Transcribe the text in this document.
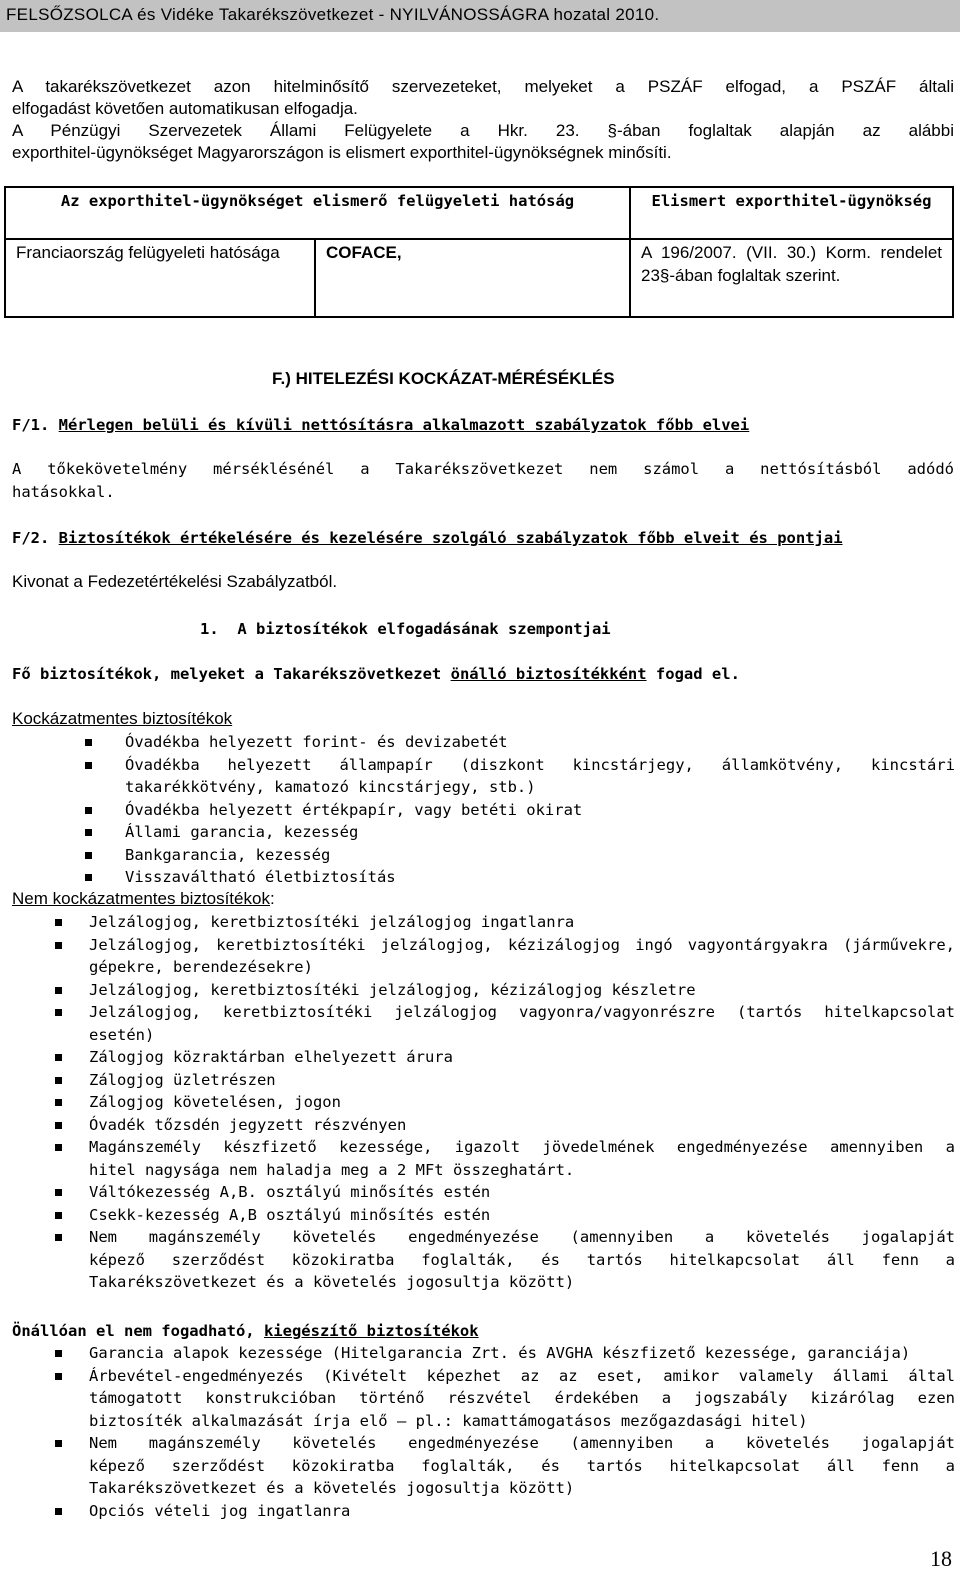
FELSŐZSOLCA és Vidéke Takarékszövetkezet - NYILVÁNOSSÁGRA hozatal 2010.
A takarékszövetkezet azon hitelminősítő szervezeteket, melyeket a PSZÁF elfogad, a PSZÁF általi
elfogadást követően automatikusan elfogadja.
A Pénzügyi Szervezetek Állami Felügyelete a Hkr. 23. §-ában foglaltak alapján az alábbi
exporthitel-ügynökséget Magyarországon is elismert exporthitel-ügynökségnek minősíti.
Az exporthitel-ügynökséget elismerő felügyeleti hatóság		Elismert exporthitel-ügynökség
Franciaország felügyeleti hatósága	COFACE,	A 196/2007. (VII. 30.) Korm. rendelet 23§-ában foglaltak szerint.
F.) HITELEZÉSI KOCKÁZAT-MÉRÉSÉKLÉS
F/1. Mérlegen belüli és kívüli nettósításra alkalmazott szabályzatok főbb elvei
A tőkekövetelmény mérséklésénél a Takarékszövetkezet nem számol a nettósításból adódó
hatásokkal.
F/2. Biztosítékok értékelésére és kezelésére szolgáló szabályzatok főbb elveit és pontjai
Kivonat a Fedezetértékelési Szabályzatból.
1. A biztosítékok elfogadásának szempontjai
Fő biztosítékok, melyeket a Takarékszövetkezet önálló biztosítékként fogad el.
Kockázatmentes biztosítékok
Óvadékba helyezett forint- és devizabetét
Óvadékba helyezett állampapír (diszkont kincstárjegy, államkötvény, kincstári
takarékkötvény, kamatozó kincstárjegy, stb.)
Óvadékba helyezett értékpapír, vagy betéti okirat
Állami garancia, kezesség
Bankgarancia, kezesség
Visszaváltható életbiztosítás
Nem kockázatmentes biztosítékok:
Jelzálogjog, keretbiztosítéki jelzálogjog ingatlanra
Jelzálogjog, keretbiztosítéki jelzálogjog, kézizálogjog ingó vagyontárgyakra (járművekre,
gépekre, berendezésekre)
Jelzálogjog, keretbiztosítéki jelzálogjog, kézizálogjog készletre
Jelzálogjog, keretbiztosítéki jelzálogjog vagyonra/vagyonrészre (tartós hitelkapcsolat
esetén)
Zálogjog közraktárban elhelyezett árura
Zálogjog üzletrészen
Zálogjog követelésen, jogon
Óvadék tőzsdén jegyzett részvényen
Magánszemély készfizető kezessége, igazolt jövedelmének engedményezése amennyiben a
hitel nagysága nem haladja meg a 2 MFt összeghatárt.
Váltókezesség A,B. osztályú minősítés estén
Csekk-kezesség A,B osztályú minősítés estén
Nem magánszemély követelés engedményezése (amennyiben a követelés jogalapját
képező szerződést közokiratba foglalták, és tartós hitelkapcsolat áll fenn a
Takarékszövetkezet és a követelés jogosultja között)
Önállóan el nem fogadható, kiegészítő biztosítékok
Garancia alapok kezessége (Hitelgarancia Zrt. és AVGHA készfizető kezessége, garanciája)
Árbevétel-engedményezés (Kivételt képezhet az az eset, amikor valamely állami által
támogatott konstrukcióban történő részvétel érdekében a jogszabály kizárólag ezen
biztosíték alkalmazását írja elő — pl.: kamattámogatásos mezőgazdasági hitel)
Nem magánszemély követelés engedményezése (amennyiben a követelés jogalapját
képező szerződést közokiratba foglalták, és tartós hitelkapcsolat áll fenn a
Takarékszövetkezet és a követelés jogosultja között)
Opciós vételi jog ingatlanra
18
